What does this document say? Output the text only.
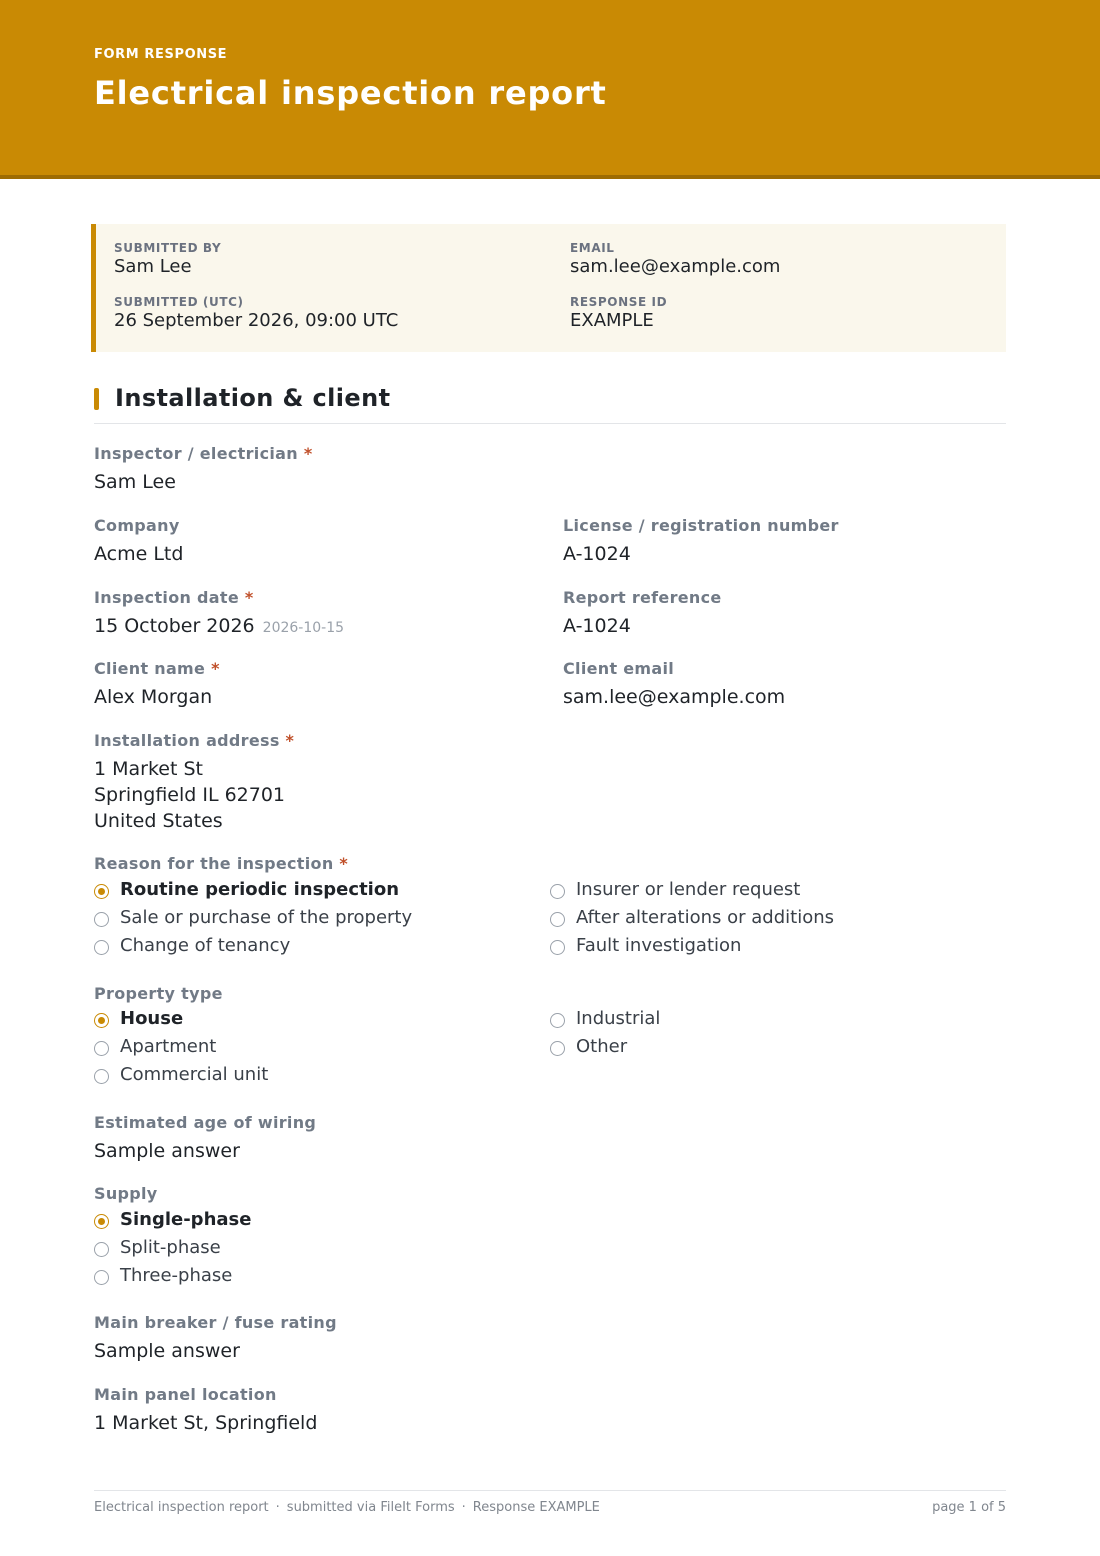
FORM RESPONSE
Electrical inspection report
SUBMITTED BY
Sam Lee
EMAIL
sam.lee@example.com
SUBMITTED (UTC)
26 September 2026, 09:00 UTC
RESPONSE ID
EXAMPLE
Installation & client
Inspector / electrician *
Sam Lee
Company
Acme Ltd
License / registration number
A-1024
Inspection date *
15 October 2026 2026-10-15
Report reference
A-1024
Client name *
Alex Morgan
Client email
sam.lee@example.com
Installation address *
1 Market St
Springfield IL 62701
United States
Reason for the inspection *
Routine periodic inspection
Sale or purchase of the property
Change of tenancy
Insurer or lender request
After alterations or additions
Fault investigation
Property type
House
Apartment
Commercial unit
Industrial
Other
Estimated age of wiring
Sample answer
Supply
Single-phase
Split-phase
Three-phase
Main breaker / fuse rating
Sample answer
Main panel location
1 Market St, Springfield
Electrical inspection report · submitted via FileIt Forms · Response EXAMPLE	page 1 of 5
